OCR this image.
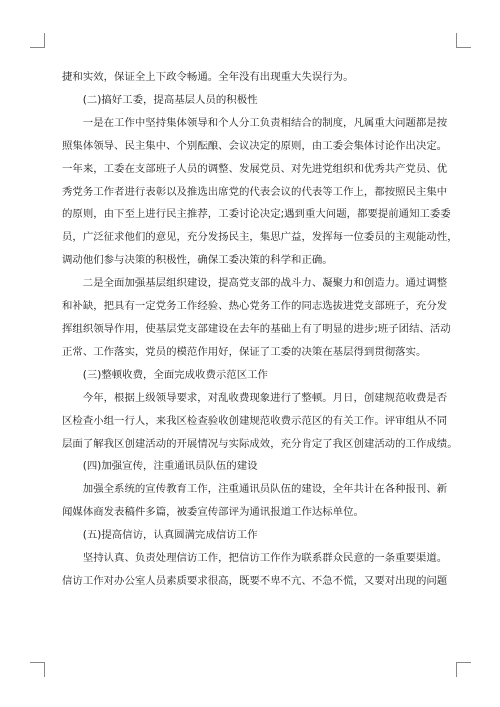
捷和实效，保证全上下政令畅通。全年没有出现重大失误行为。

(二)搞好工委，提高基层人员的积极性

一是在工作中坚持集体领导和个人分工负责相结合的制度，凡属重大问题都是按
照集体领导、民主集中、个别酝酿、会议决定的原则，由工委会集体讨论作出决定。
一年来，工委在支部班子人员的调整、发展党员、对先进党组织和优秀共产党员、优
秀党务工作者进行表彰以及推选出席党的代表会议的代表等工作上，都按照民主集中
的原则，由下至上进行民主推荐，工委讨论决定;遇到重大问题，都要提前通知工委委
员，广泛征求他们的意见，充分发扬民主，集思广益，发挥每一位委员的主观能动性，
调动他们参与决策的积极性，确保工委决策的科学和正确。

二是全面加强基层组织建设，提高党支部的战斗力、凝聚力和创造力。通过调整
和补缺，把具有一定党务工作经验、热心党务工作的同志选拔进党支部班子，充分发
挥组织领导作用，使基层党支部建设在去年的基础上有了明显的进步;班子团结、活动
正常、工作落实，党员的模范作用好，保证了工委的决策在基层得到贯彻落实。

(三)整顿收费，全面完成收费示范区工作

今年，根据上级领导要求，对乱收费现象进行了整顿。月日，创建规范收费是否
区检查小组一行人，来我区检查验收创建规范收费示范区的有关工作。评审组从不同
层面了解我区创建活动的开展情况与实际成效，充分肯定了我区创建活动的工作成绩。

(四)加强宣传，注重通讯员队伍的建设

加强全系统的宣传教育工作，注重通讯员队伍的建设，全年共计在各种报刊、新
闻媒体商发表稿件多篇，被委宣传部评为通讯报道工作达标单位。

(五)提高信访，认真圆满完成信访工作

坚持认真、负责处理信访工作，把信访工作作为联系群众民意的一条重要渠道。
信访工作对办公室人员素质要求很高，既要不卑不亢、不急不慌，又要对出现的问题
